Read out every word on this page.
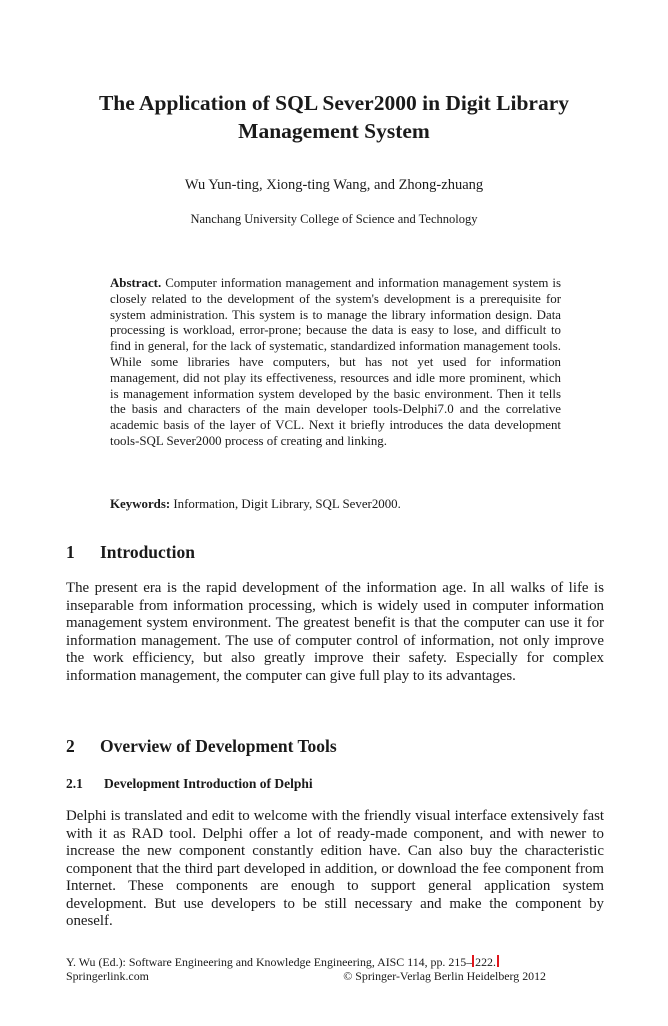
The Application of SQL Sever2000 in Digit Library
Management System
Wu Yun-ting, Xiong-ting Wang, and Zhong-zhuang
Nanchang University College of Science and Technology

Abstract. Computer information management and information management system is closely related to the development of the system's development is a prerequisite for system administration. This system is to manage the library information design. Data processing is workload, error-prone; because the data is easy to lose, and difficult to find in general, for the lack of systematic, standardized information management tools. While some libraries have computers, but has not yet used for information management, did not play its effectiveness, resources and idle more prominent, which is management information system developed by the basic environment. Then it tells the basis and characters of the main developer tools-Delphi7.0 and the correlative academic basis of the layer of VCL. Next it briefly introduces the data development tools-SQL Sever2000 process of creating and linking.

Keywords: Information, Digit Library, SQL Sever2000.

1 Introduction

The present era is the rapid development of the information age. In all walks of life is inseparable from information processing, which is widely used in computer information management system environment. The greatest benefit is that the computer can use it for information management. The use of computer control of information, not only improve the work efficiency, but also greatly improve their safety. Especially for complex information management, the computer can give full play to its advantages.

2 Overview of Development Tools
2.1 Development Introduction of Delphi

Delphi is translated and edit to welcome with the friendly visual interface extensively fast with it as RAD tool. Delphi offer a lot of ready-made component, and with newer to increase the new component constantly edition have. Can also buy the characteristic component that the third part developed in addition, or download the fee component from Internet. These components are enough to support general application system development. But use developers to be still necessary and make the component by oneself.

Y. Wu (Ed.): Software Engineering and Knowledge Engineering, AISC 114, pp. 215– 222.
Springerlink.com	© Springer-Verlag Berlin Heidelberg 2012
